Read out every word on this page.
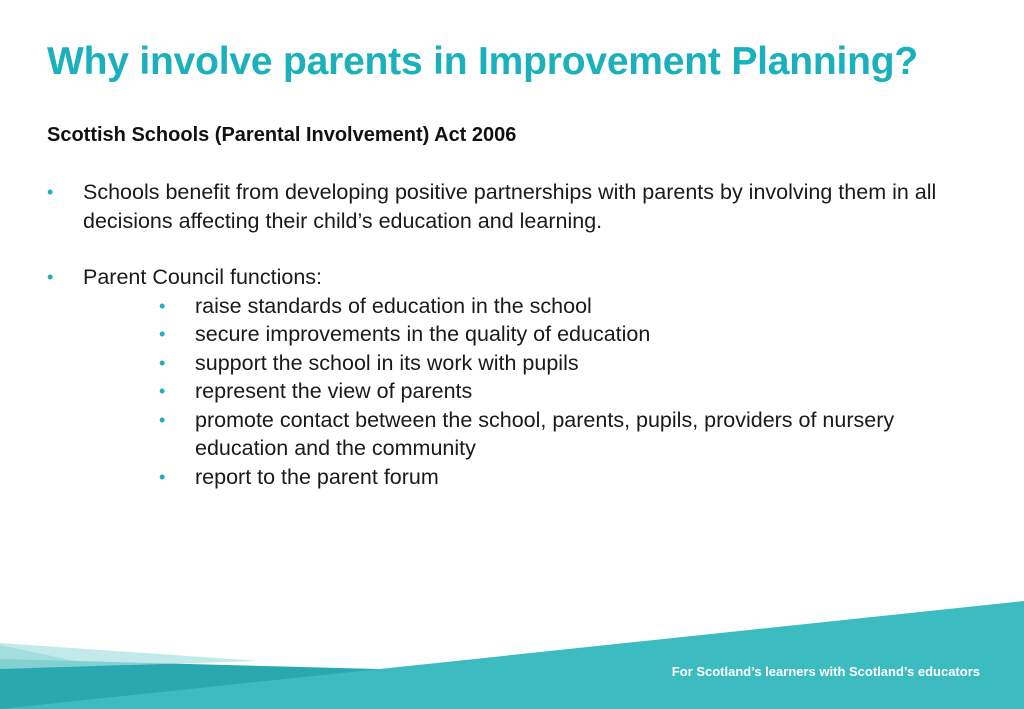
Why involve parents in Improvement Planning?
Scottish Schools (Parental Involvement) Act 2006
• Schools benefit from developing positive partnerships with parents by involving them in all decisions affecting their child’s education and learning.
• Parent Council functions:
• raise standards of education in the school
• secure improvements in the quality of education
• support the school in its work with pupils
• represent the view of parents
• promote contact between the school, parents, pupils, providers of nursery education and the community
• report to the parent forum
For Scotland’s learners with Scotland’s educators
